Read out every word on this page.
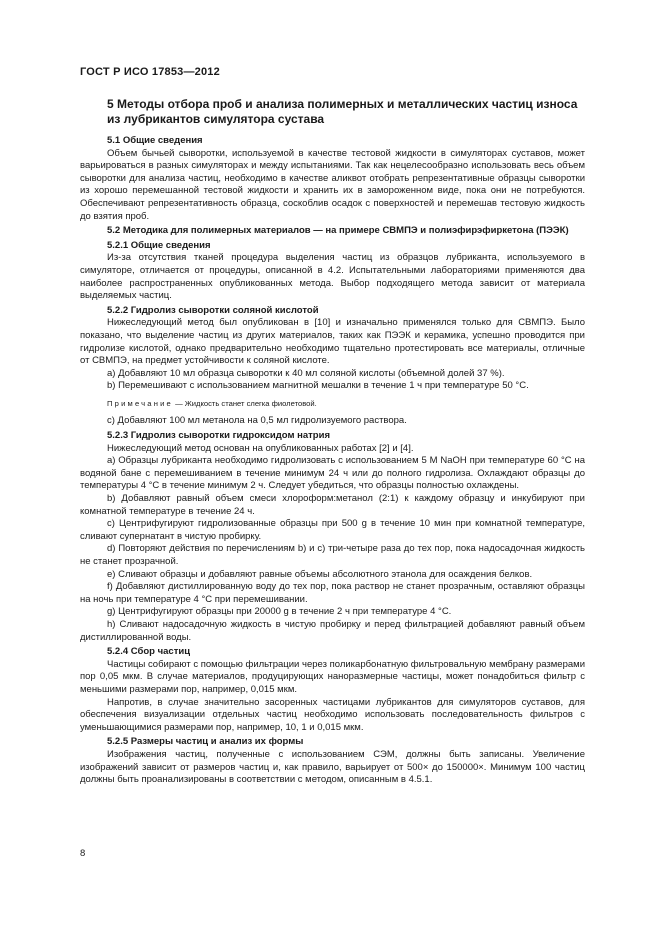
ГОСТ Р ИСО 17853—2012
5 Методы отбора проб и анализа полимерных и металлических частиц износа из лубрикантов симулятора сустава
5.1 Общие сведения

Объем бычьей сыворотки, используемой в качестве тестовой жидкости в симуляторах суставов, может варьироваться в разных симуляторах и между испытаниями. Так как нецелесообразно использовать весь объем сыворотки для анализа частиц, необходимо в качестве аликвот отобрать репрезентативные образцы сыворотки из хорошо перемешанной тестовой жидкости и хранить их в замороженном виде, пока они не потребуются. Обеспечивают репрезентативность образца, соскоблив осадок с поверхностей и перемешав тестовую жидкость до взятия проб.

5.2 Методика для полимерных материалов — на примере СВМПЭ и полиэфирэфиркетона (ПЭЭК)
5.2.1 Общие сведения

Из-за отсутствия тканей процедура выделения частиц из образцов лубриканта, используемого в симуляторе, отличается от процедуры, описанной в 4.2. Испытательными лабораториями применяются два наиболее распространенных опубликованных метода. Выбор подходящего метода зависит от материала выделяемых частиц.

5.2.2 Гидролиз сыворотки соляной кислотой

Нижеследующий метод был опубликован в [10] и изначально применялся только для СВМПЭ. Было показано, что выделение частиц из других материалов, таких как ПЭЭК и керамика, успешно проводится при гидролизе кислотой, однако предварительно необходимо тщательно протестировать все материалы, отличные от СВМПЭ, на предмет устойчивости к соляной кислоте.

a) Добавляют 10 мл образца сыворотки к 40 мл соляной кислоты (объемной долей 37 %).

b) Перемешивают с использованием магнитной мешалки в течение 1 ч при температуре 50 °С.

Примечание — Жидкость станет слегка фиолетовой.

c) Добавляют 100 мл метанола на 0,5 мл гидролизуемого раствора.

5.2.3 Гидролиз сыворотки гидроксидом натрия

Нижеследующий метод основан на опубликованных работах [2] и [4].

a) Образцы лубриканта необходимо гидролизовать с использованием 5 М NaOH при температуре 60 °С на водяной бане с перемешиванием в течение минимум 24 ч или до полного гидролиза. Охлаждают образцы до температуры 4 °С в течение минимум 2 ч. Следует убедиться, что образцы полностью охлаждены.

b) Добавляют равный объем смеси хлороформ:метанол (2:1) к каждому образцу и инкубируют при комнатной температуре в течение 24 ч.

c) Центрифугируют гидролизованные образцы при 500 g в течение 10 мин при комнатной температуре, сливают супернатант в чистую пробирку.

d) Повторяют действия по перечислениям b) и c) три-четыре раза до тех пор, пока надосадочная жидкость не станет прозрачной.

e) Сливают образцы и добавляют равные объемы абсолютного этанола для осаждения белков.

f) Добавляют дистиллированную воду до тех пор, пока раствор не станет прозрачным, оставляют образцы на ночь при температуре 4 °С при перемешивании.

g) Центрифугируют образцы при 20000 g в течение 2 ч при температуре 4 °С.

h) Сливают надосадочную жидкость в чистую пробирку и перед фильтрацией добавляют равный объем дистиллированной воды.

5.2.4 Сбор частиц

Частицы собирают с помощью фильтрации через поликарбонатную фильтровальную мембрану размерами пор 0,05 мкм. В случае материалов, продуцирующих наноразмерные частицы, может понадобиться фильтр с меньшими размерами пор, например, 0,015 мкм.

Напротив, в случае значительно засоренных частицами лубрикантов для симуляторов суставов, для обеспечения визуализации отдельных частиц необходимо использовать последовательность фильтров с уменьшающимися размерами пор, например, 10, 1 и 0,015 мкм.

5.2.5 Размеры частиц и анализ их формы

Изображения частиц, полученные с использованием СЭМ, должны быть записаны. Увеличение изображений зависит от размеров частиц и, как правило, варьирует от 500× до 150000×. Минимум 100 частиц должны быть проанализированы в соответствии с методом, описанным в 4.5.1.

8
